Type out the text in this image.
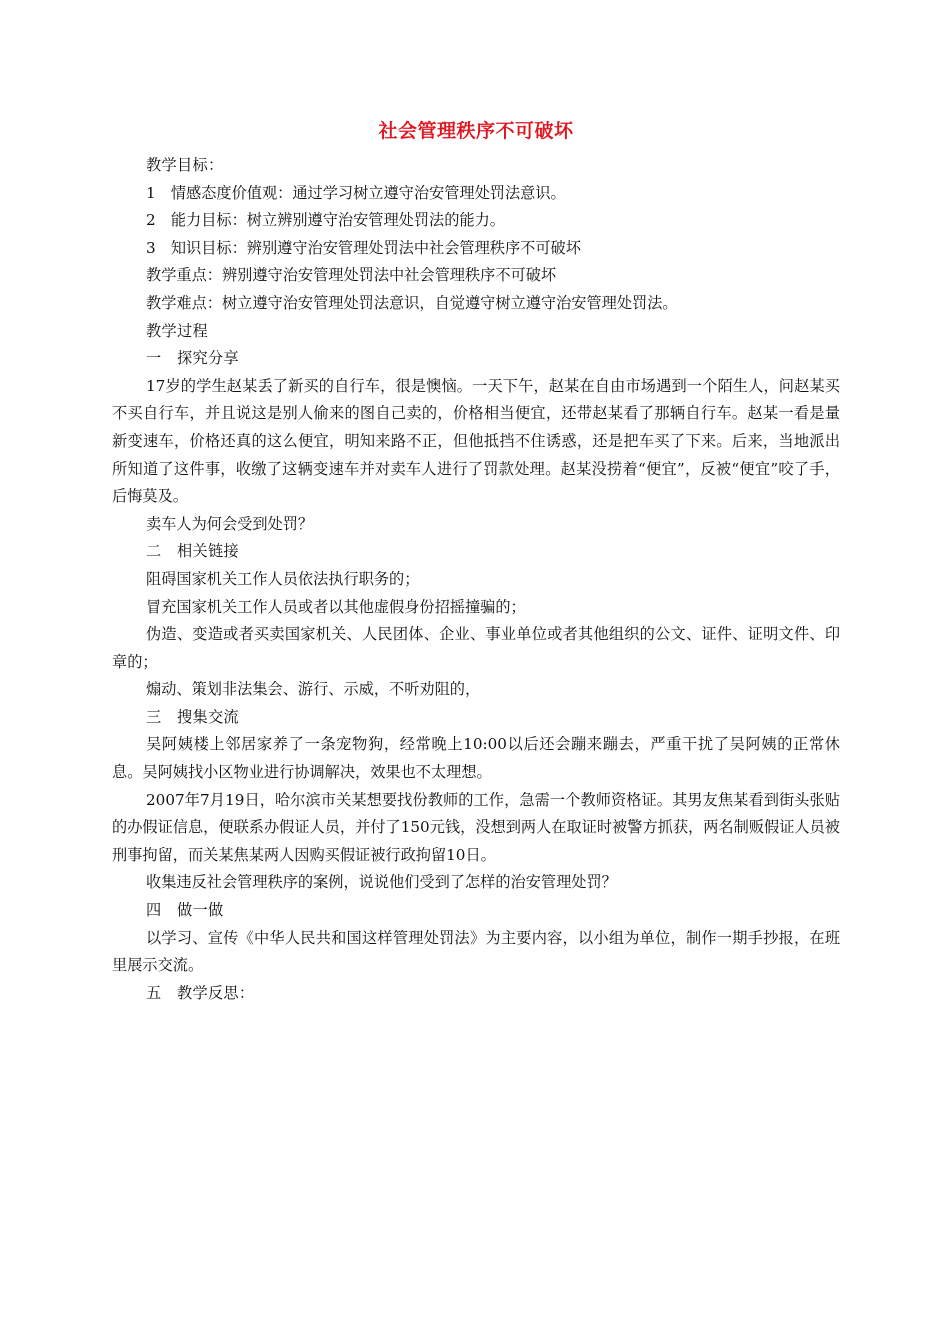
社会管理秩序不可破坏

教学目标：

1　情感态度价值观：通过学习树立遵守治安管理处罚法意识。

2　能力目标：树立辨别遵守治安管理处罚法的能力。

3　知识目标：辨别遵守治安管理处罚法中社会管理秩序不可破坏

教学重点：辨别遵守治安管理处罚法中社会管理秩序不可破坏

教学难点：树立遵守治安管理处罚法意识，自觉遵守树立遵守治安管理处罚法。

教学过程

一　探究分享

17岁的学生赵某丢了新买的自行车，很是懊恼。一天下午，赵某在自由市场遇到一个陌生人，问赵某买不买自行车，并且说这是别人偷来的图自己卖的，价格相当便宜，还带赵某看了那辆自行车。赵某一看是量新变速车，价格还真的这么便宜，明知来路不正，但他抵挡不住诱惑，还是把车买了下来。后来，当地派出所知道了这件事，收缴了这辆变速车并对卖车人进行了罚款处理。赵某没捞着“便宜”，反被“便宜”咬了手，后悔莫及。

卖车人为何会受到处罚？

二　相关链接

阻碍国家机关工作人员依法执行职务的；

冒充国家机关工作人员或者以其他虚假身份招摇撞骗的；

伪造、变造或者买卖国家机关、人民团体、企业、事业单位或者其他组织的公文、证件、证明文件、印章的；

煽动、策划非法集会、游行、示威，不听劝阻的，

三　搜集交流

吴阿姨楼上邻居家养了一条宠物狗，经常晚上10:00以后还会蹦来蹦去，严重干扰了吴阿姨的正常休息。吴阿姨找小区物业进行协调解决，效果也不太理想。

2007年7月19日，哈尔滨市关某想要找份教师的工作，急需一个教师资格证。其男友焦某看到街头张贴的办假证信息，便联系办假证人员，并付了150元钱，没想到两人在取证时被警方抓获，两名制贩假证人员被刑事拘留，而关某焦某两人因购买假证被行政拘留10日。

收集违反社会管理秩序的案例，说说他们受到了怎样的治安管理处罚？

四　做一做

以学习、宣传《中华人民共和国这样管理处罚法》为主要内容，以小组为单位，制作一期手抄报，在班里展示交流。

五　教学反思：
